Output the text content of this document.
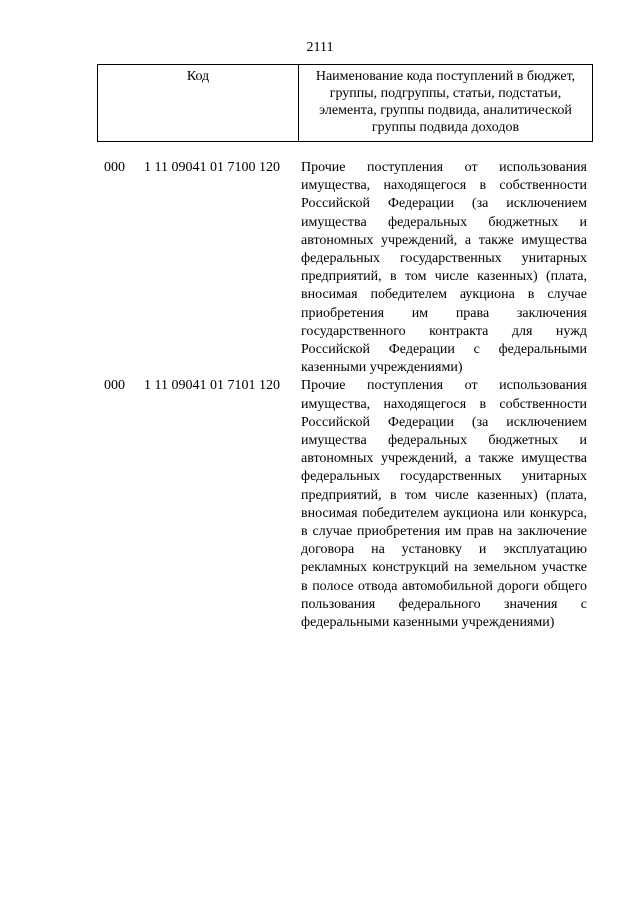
2111
Код	Наименование кода поступлений в бюджет, группы, подгруппы, статьи, подстатьи, элемента, группы подвида, аналитической группы подвида доходов
000 1 11 09041 01 7100 120 Прочие поступления от использования имущества, находящегося в собственности Российской Федерации (за исключением имущества федеральных бюджетных и автономных учреждений, а также имущества федеральных государственных унитарных предприятий, в том числе казенных) (плата, вносимая победителем аукциона в случае приобретения им права заключения государственного контракта для нужд Российской Федерации с федеральными казенными учреждениями)
000 1 11 09041 01 7101 120 Прочие поступления от использования имущества, находящегося в собственности Российской Федерации (за исключением имущества федеральных бюджетных и автономных учреждений, а также имущества федеральных государственных унитарных предприятий, в том числе казенных) (плата, вносимая победителем аукциона или конкурса, в случае приобретения им прав на заключение договора на установку и эксплуатацию рекламных конструкций на земельном участке в полосе отвода автомобильной дороги общего пользования федерального значения с федеральными казенными учреждениями)
